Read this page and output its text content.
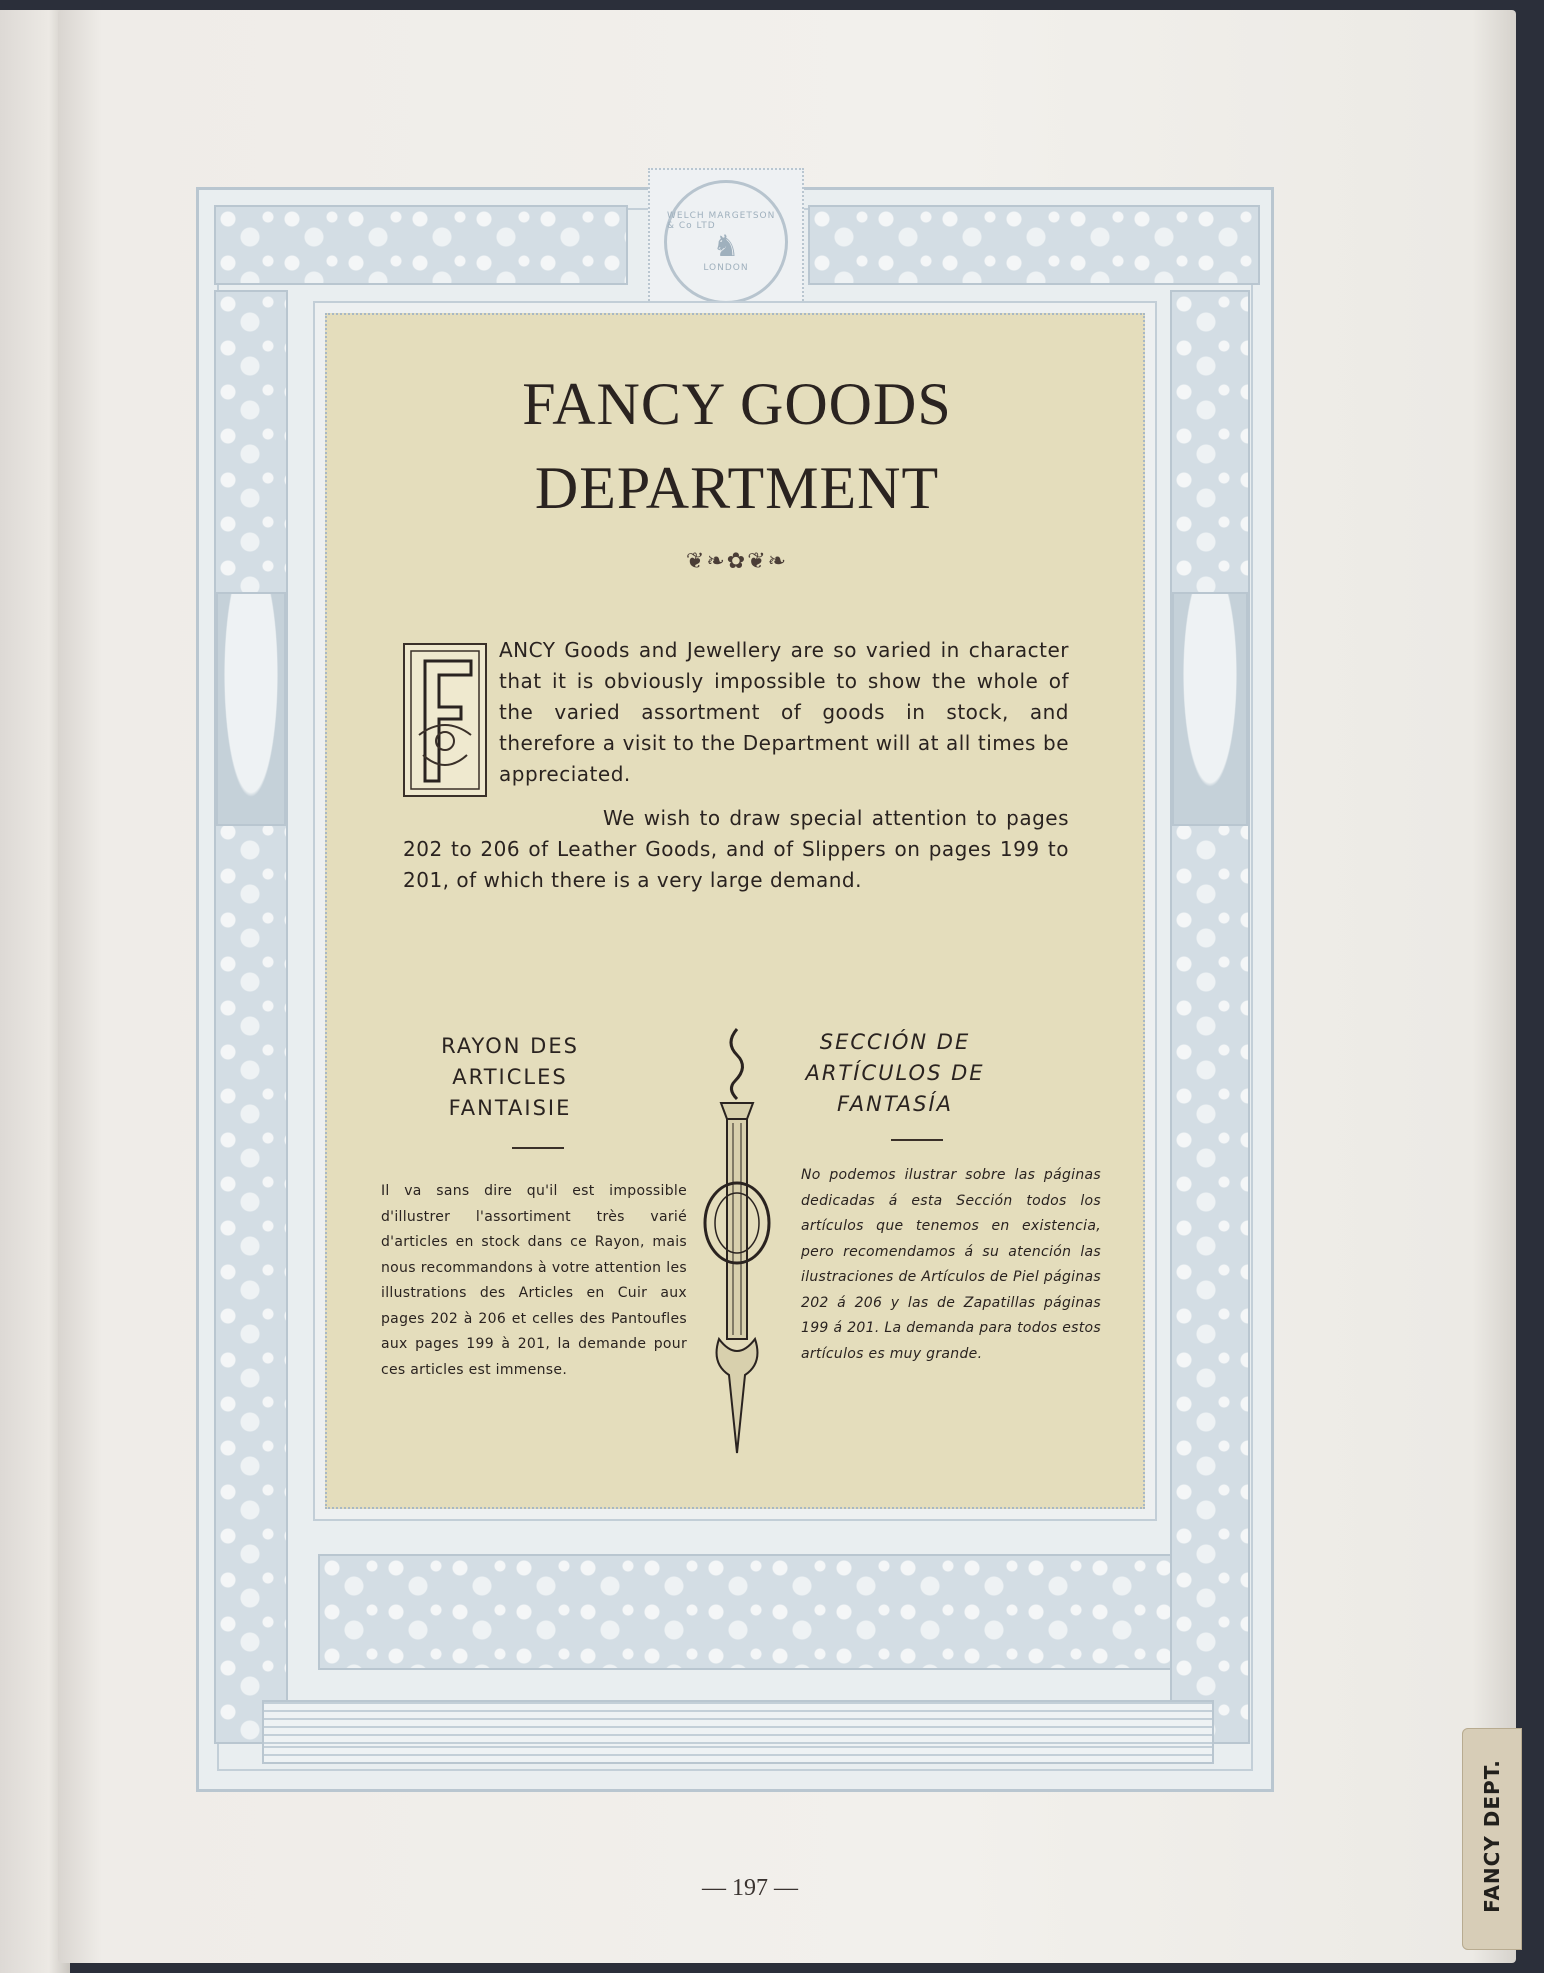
WELCH MARGETSON & Co LTD
♞
LONDON
FANCY GOODS
DEPARTMENT
❦❧✿❦❧
ANCY Goods and Jewellery are so varied in character that it is obviously impossible to show the whole of the varied assortment of goods in stock, and therefore a visit to the Department will at all times be appreciated.
We wish to draw special attention to pages 202 to 206 of Leather Goods, and of Slippers on pages 199 to 201, of which there is a very large demand.
RAYON DES
ARTICLES
FANTAISIE
Il va sans dire qu'il est impossible d'illustrer l'assortiment très varié d'articles en stock dans ce Rayon, mais nous recommandons à votre attention les illustrations des Articles en Cuir aux pages 202 à 206 et celles des Pantoufles aux pages 199 à 201, la demande pour ces articles est immense.
SECCIÓN DE
ARTÍCULOS DE
FANTASÍA
No podemos ilustrar sobre las páginas dedicadas á esta Sección todos los artículos que tenemos en existencia, pero recomendamos á su atención las ilustraciones de Artículos de Piel páginas 202 á 206 y las de Zapatillas páginas 199 á 201. La demanda para todos estos artículos es muy grande.
— 197 —	FANCY DEPT.
